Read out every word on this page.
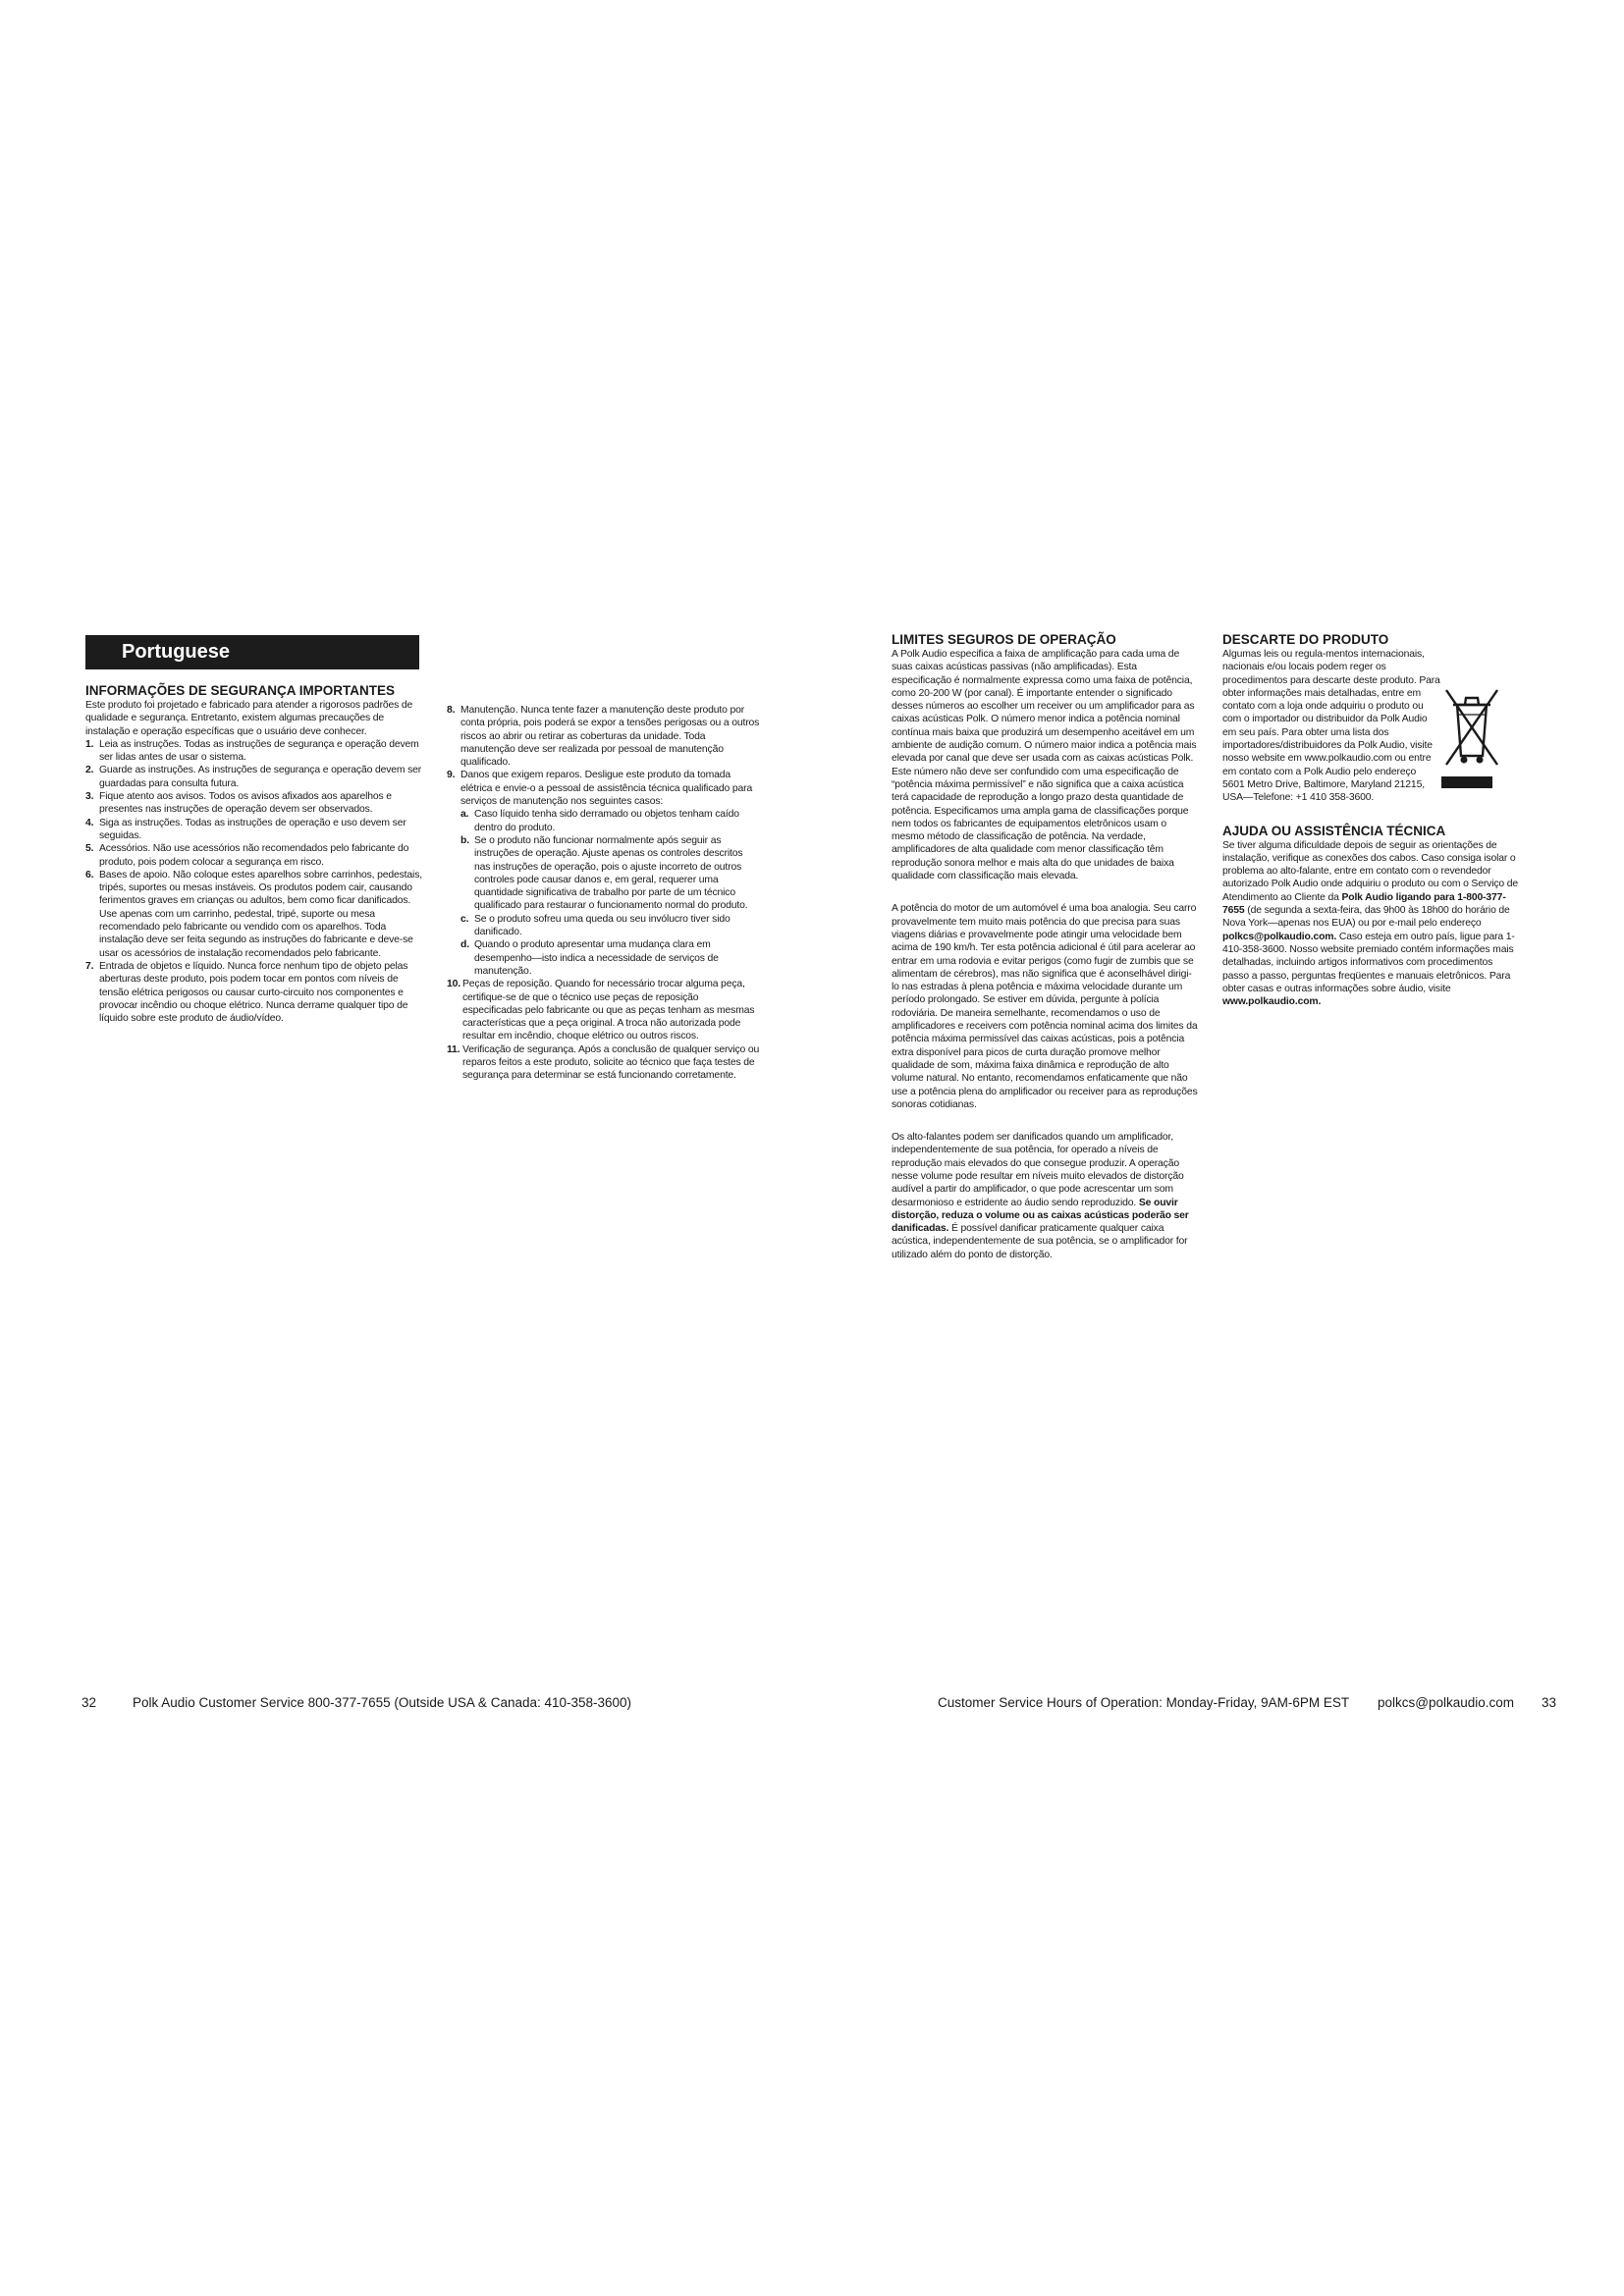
Portuguese

INFORMAÇÕES DE SEGURANÇA IMPORTANTES

Este produto foi projetado e fabricado para atender a rigorosos padrões de qualidade e segurança. Entretanto, existem algumas precauções de instalação e operação específicas que o usuário deve conhecer.

1. Leia as instruções. Todas as instruções de segurança e operação devem ser lidas antes de usar o sistema.
2. Guarde as instruções. As instruções de segurança e operação devem ser guardadas para consulta futura.
3. Fique atento aos avisos. Todos os avisos afixados aos aparelhos e presentes nas instruções de operação devem ser observados.
4. Siga as instruções. Todas as instruções de operação e uso devem ser seguidas.
5. Acessórios. Não use acessórios não recomendados pelo fabricante do produto, pois podem colocar a segurança em risco.
6. Bases de apoio. Não coloque estes aparelhos sobre carrinhos, pedestais, tripés, suportes ou mesas instáveis. Os produtos podem cair, causando ferimentos graves em crianças ou adultos, bem como ficar danificados. Use apenas com um carrinho, pedestal, tripé, suporte ou mesa recomendado pelo fabricante ou vendido com os aparelhos. Toda instalação deve ser feita segundo as instruções do fabricante e deve-se usar os acessórios de instalação recomendados pelo fabricante.
7. Entrada de objetos e líquido. Nunca force nenhum tipo de objeto pelas aberturas deste produto, pois podem tocar em pontos com níveis de tensão elétrica perigosos ou causar curto-circuito nos componentes e provocar incêndio ou choque elétrico. Nunca derrame qualquer tipo de líquido sobre este produto de áudio/vídeo.
8. Manutenção. Nunca tente fazer a manutenção deste produto por conta própria, pois poderá se expor a tensões perigosas ou a outros riscos ao abrir ou retirar as coberturas da unidade. Toda manutenção deve ser realizada por pessoal de manutenção qualificado.
9. Danos que exigem reparos. Desligue este produto da tomada elétrica e envie-o a pessoal de assistência técnica qualificado para serviços de manutenção nos seguintes casos:
a. Caso líquido tenha sido derramado ou objetos tenham caído dentro do produto.
b. Se o produto não funcionar normalmente após seguir as instruções de operação. Ajuste apenas os controles descritos nas instruções de operação, pois o ajuste incorreto de outros controles pode causar danos e, em geral, requerer uma quantidade significativa de trabalho por parte de um técnico qualificado para restaurar o funcionamento normal do produto.
c. Se o produto sofreu uma queda ou seu invólucro tiver sido danificado.
d. Quando o produto apresentar uma mudança clara em desempenho—isto indica a necessidade de serviços de manutenção.
10. Peças de reposição. Quando for necessário trocar alguma peça, certifique-se de que o técnico use peças de reposição especificadas pelo fabricante ou que as peças tenham as mesmas características que a peça original. A troca não autorizada pode resultar em incêndio, choque elétrico ou outros riscos.
11. Verificação de segurança. Após a conclusão de qualquer serviço ou reparos feitos a este produto, solicite ao técnico que faça testes de segurança para determinar se está funcionando corretamente.

LIMITES SEGUROS DE OPERAÇÃO

A Polk Audio especifica a faixa de amplificação para cada uma de suas caixas acústicas passivas (não amplificadas). Esta especificação é normalmente expressa como uma faixa de potência, como 20-200 W (por canal). É importante entender o significado desses números ao escolher um receiver ou um amplificador para as caixas acústicas Polk. O número menor indica a potência nominal contínua mais baixa que produzirá um desempenho aceitável em um ambiente de audição comum. O número maior indica a potência mais elevada por canal que deve ser usada com as caixas acústicas Polk. Este número não deve ser confundido com uma especificação de “potência máxima permissível” e não significa que a caixa acústica terá capacidade de reprodução a longo prazo desta quantidade de potência. Especificamos uma ampla gama de classificações porque nem todos os fabricantes de equipamentos eletrônicos usam o mesmo método de classificação de potência. Na verdade, amplificadores de alta qualidade com menor classificação têm reprodução sonora melhor e mais alta do que unidades de baixa qualidade com classificação mais elevada.

A potência do motor de um automóvel é uma boa analogia. Seu carro provavelmente tem muito mais potência do que precisa para suas viagens diárias e provavelmente pode atingir uma velocidade bem acima de 190 km/h. Ter esta potência adicional é útil para acelerar ao entrar em uma rodovia e evitar perigos (como fugir de zumbis que se alimentam de cérebros), mas não significa que é aconselhável dirigi-lo nas estradas à plena potência e máxima velocidade durante um período prolongado. Se estiver em dúvida, pergunte à polícia rodoviária. De maneira semelhante, recomendamos o uso de amplificadores e receivers com potência nominal acima dos limites da potência máxima permissível das caixas acústicas, pois a potência extra disponível para picos de curta duração promove melhor qualidade de som, máxima faixa dinâmica e reprodução de alto volume natural. No entanto, recomendamos enfaticamente que não use a potência plena do amplificador ou receiver para as reproduções sonoras cotidianas.

Os alto-falantes podem ser danificados quando um amplificador, independentemente de sua potência, for operado a níveis de reprodução mais elevados do que consegue produzir. A operação nesse volume pode resultar em níveis muito elevados de distorção audível a partir do amplificador, o que pode acrescentar um som desarmonioso e estridente ao áudio sendo reproduzido. Se ouvir distorção, reduza o volume ou as caixas acústicas poderão ser danificadas. É possível danificar praticamente qualquer caixa acústica, independentemente de sua potência, se o amplificador for utilizado além do ponto de distorção.

DESCARTE DO PRODUTO

Algumas leis ou regula-mentos internacionais, nacionais e/ou locais podem reger os procedimentos para descarte deste produto. Para obter informações mais detalhadas, entre em contato com a loja onde adquiriu o produto ou com o importador ou distribuidor da Polk Audio em seu país. Para obter uma lista dos importadores/distribuidores da Polk Audio, visite nosso website em www.polkaudio.com ou entre em contato com a Polk Audio pelo endereço 5601 Metro Drive, Baltimore, Maryland 21215, USA—Telefone: +1 410 358-3600.

AJUDA OU ASSISTÊNCIA TÉCNICA

Se tiver alguma dificuldade depois de seguir as orientações de instalação, verifique as conexões dos cabos. Caso consiga isolar o problema ao alto-falante, entre em contato com o revendedor autorizado Polk Audio onde adquiriu o produto ou com o Serviço de Atendimento ao Cliente da Polk Audio ligando para 1-800-377-7655 (de segunda a sexta-feira, das 9h00 às 18h00 do horário de Nova York—apenas nos EUA) ou por e-mail pelo endereço polkcs@polkaudio.com. Caso esteja em outro país, ligue para 1-410-358-3600. Nosso website premiado contém informações mais detalhadas, incluindo artigos informativos com procedimentos passo a passo, perguntas freqüentes e manuais eletrônicos. Para obter casas e outras informações sobre áudio, visite www.polkaudio.com.

32	Polk Audio Customer Service 800-377-7655 (Outside USA & Canada: 410-358-3600)	Customer Service Hours of Operation: Monday-Friday, 9AM-6PM EST polkcs@polkaudio.com 33
